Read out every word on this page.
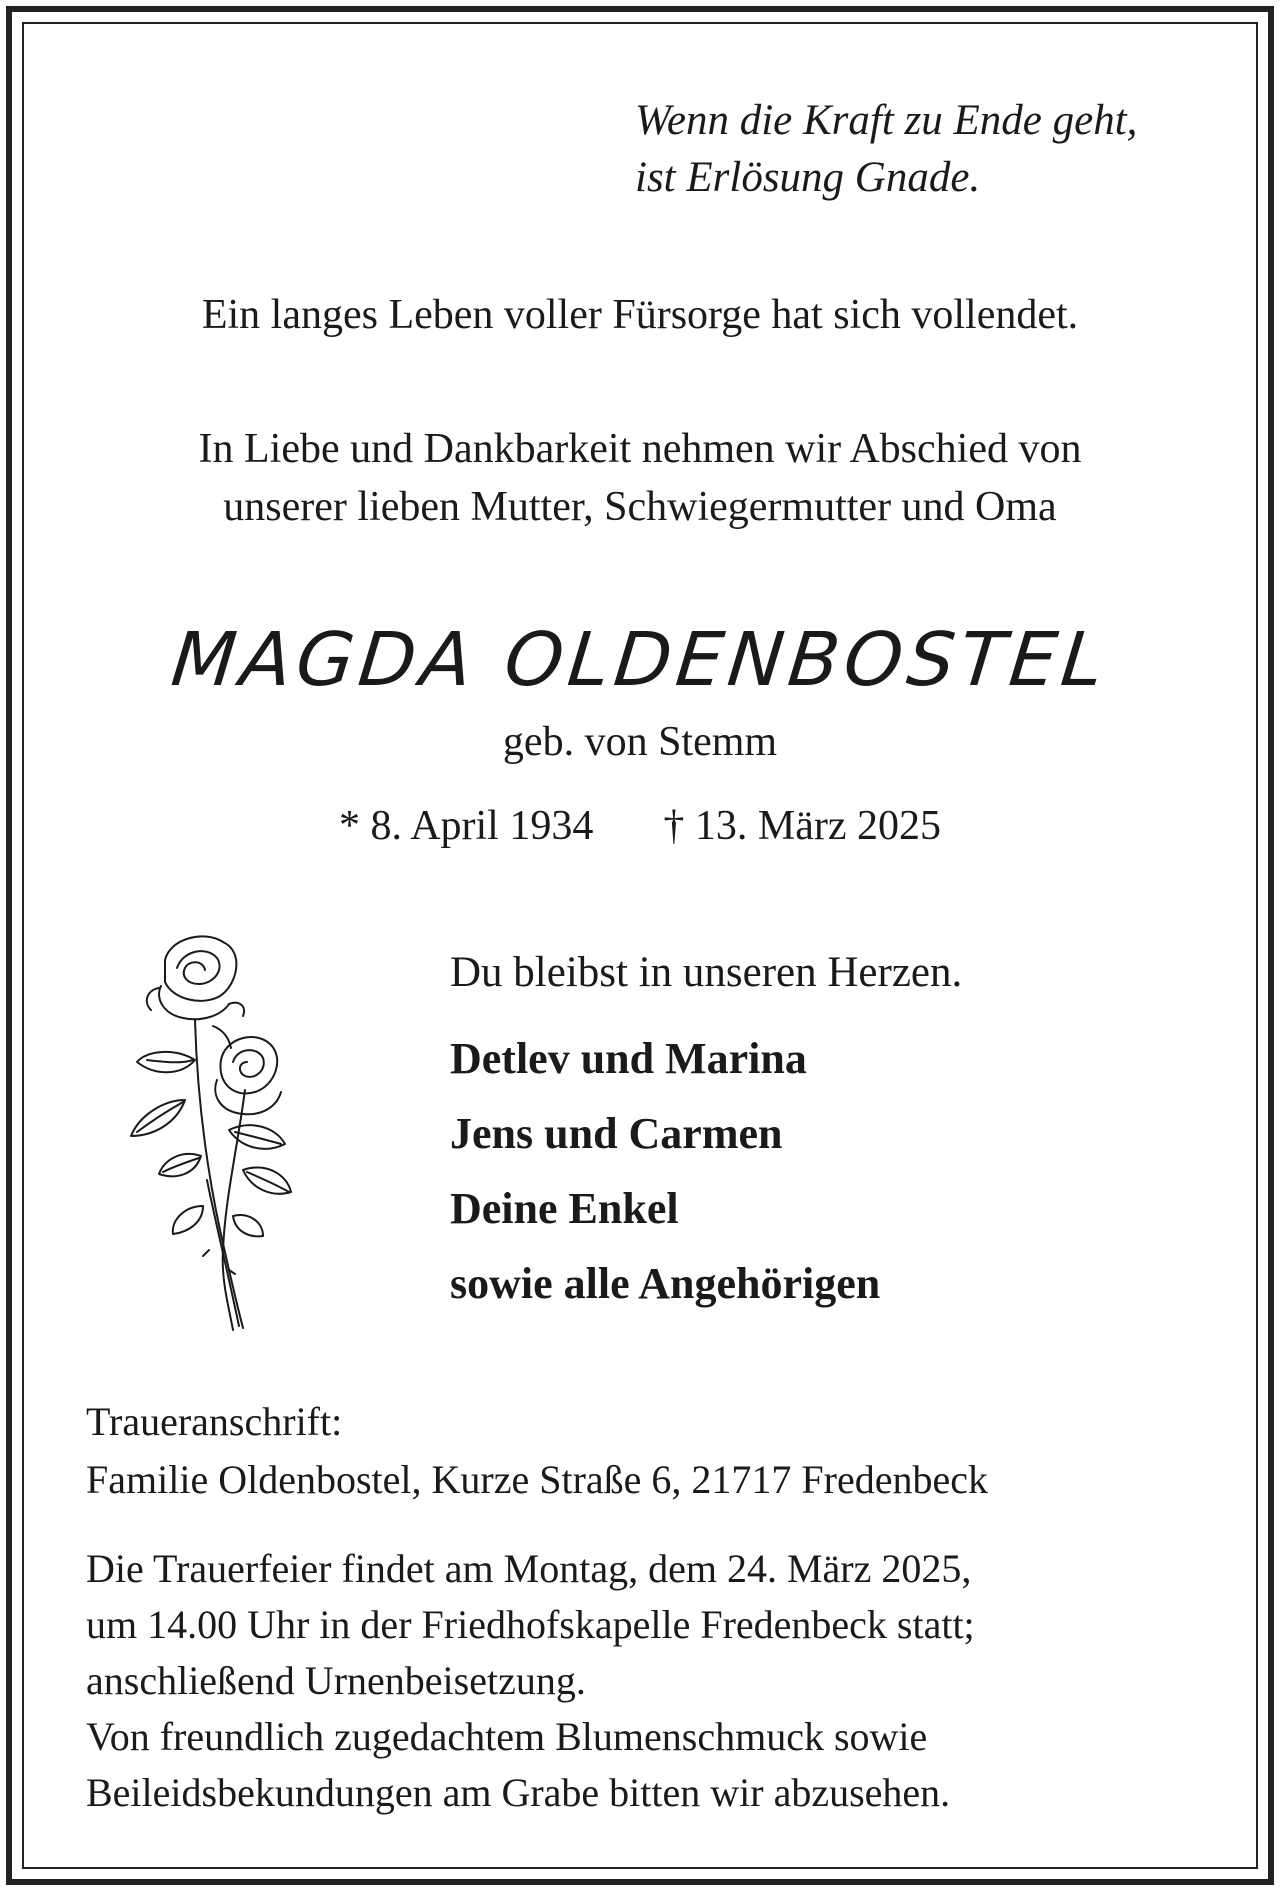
Wenn die Kraft zu Ende geht,
ist Erlösung Gnade.
Ein langes Leben voller Fürsorge hat sich vollendet.
In Liebe und Dankbarkeit nehmen wir Abschied von
unserer lieben Mutter, Schwiegermutter und Oma
MAGDA OLDENBOSTEL
geb. von Stemm
* 8. April 1934 † 13. März 2025
Du bleibst in unseren Herzen.
Detlev und Marina
Jens und Carmen
Deine Enkel
sowie alle Angehörigen
Traueranschrift:
Familie Oldenbostel, Kurze Straße 6, 21717 Fredenbeck
Die Trauerfeier findet am Montag, dem 24. März 2025,
um 14.00 Uhr in der Friedhofskapelle Fredenbeck statt;
anschließend Urnenbeisetzung.
Von freundlich zugedachtem Blumenschmuck sowie
Beileidsbekundungen am Grabe bitten wir abzusehen.
